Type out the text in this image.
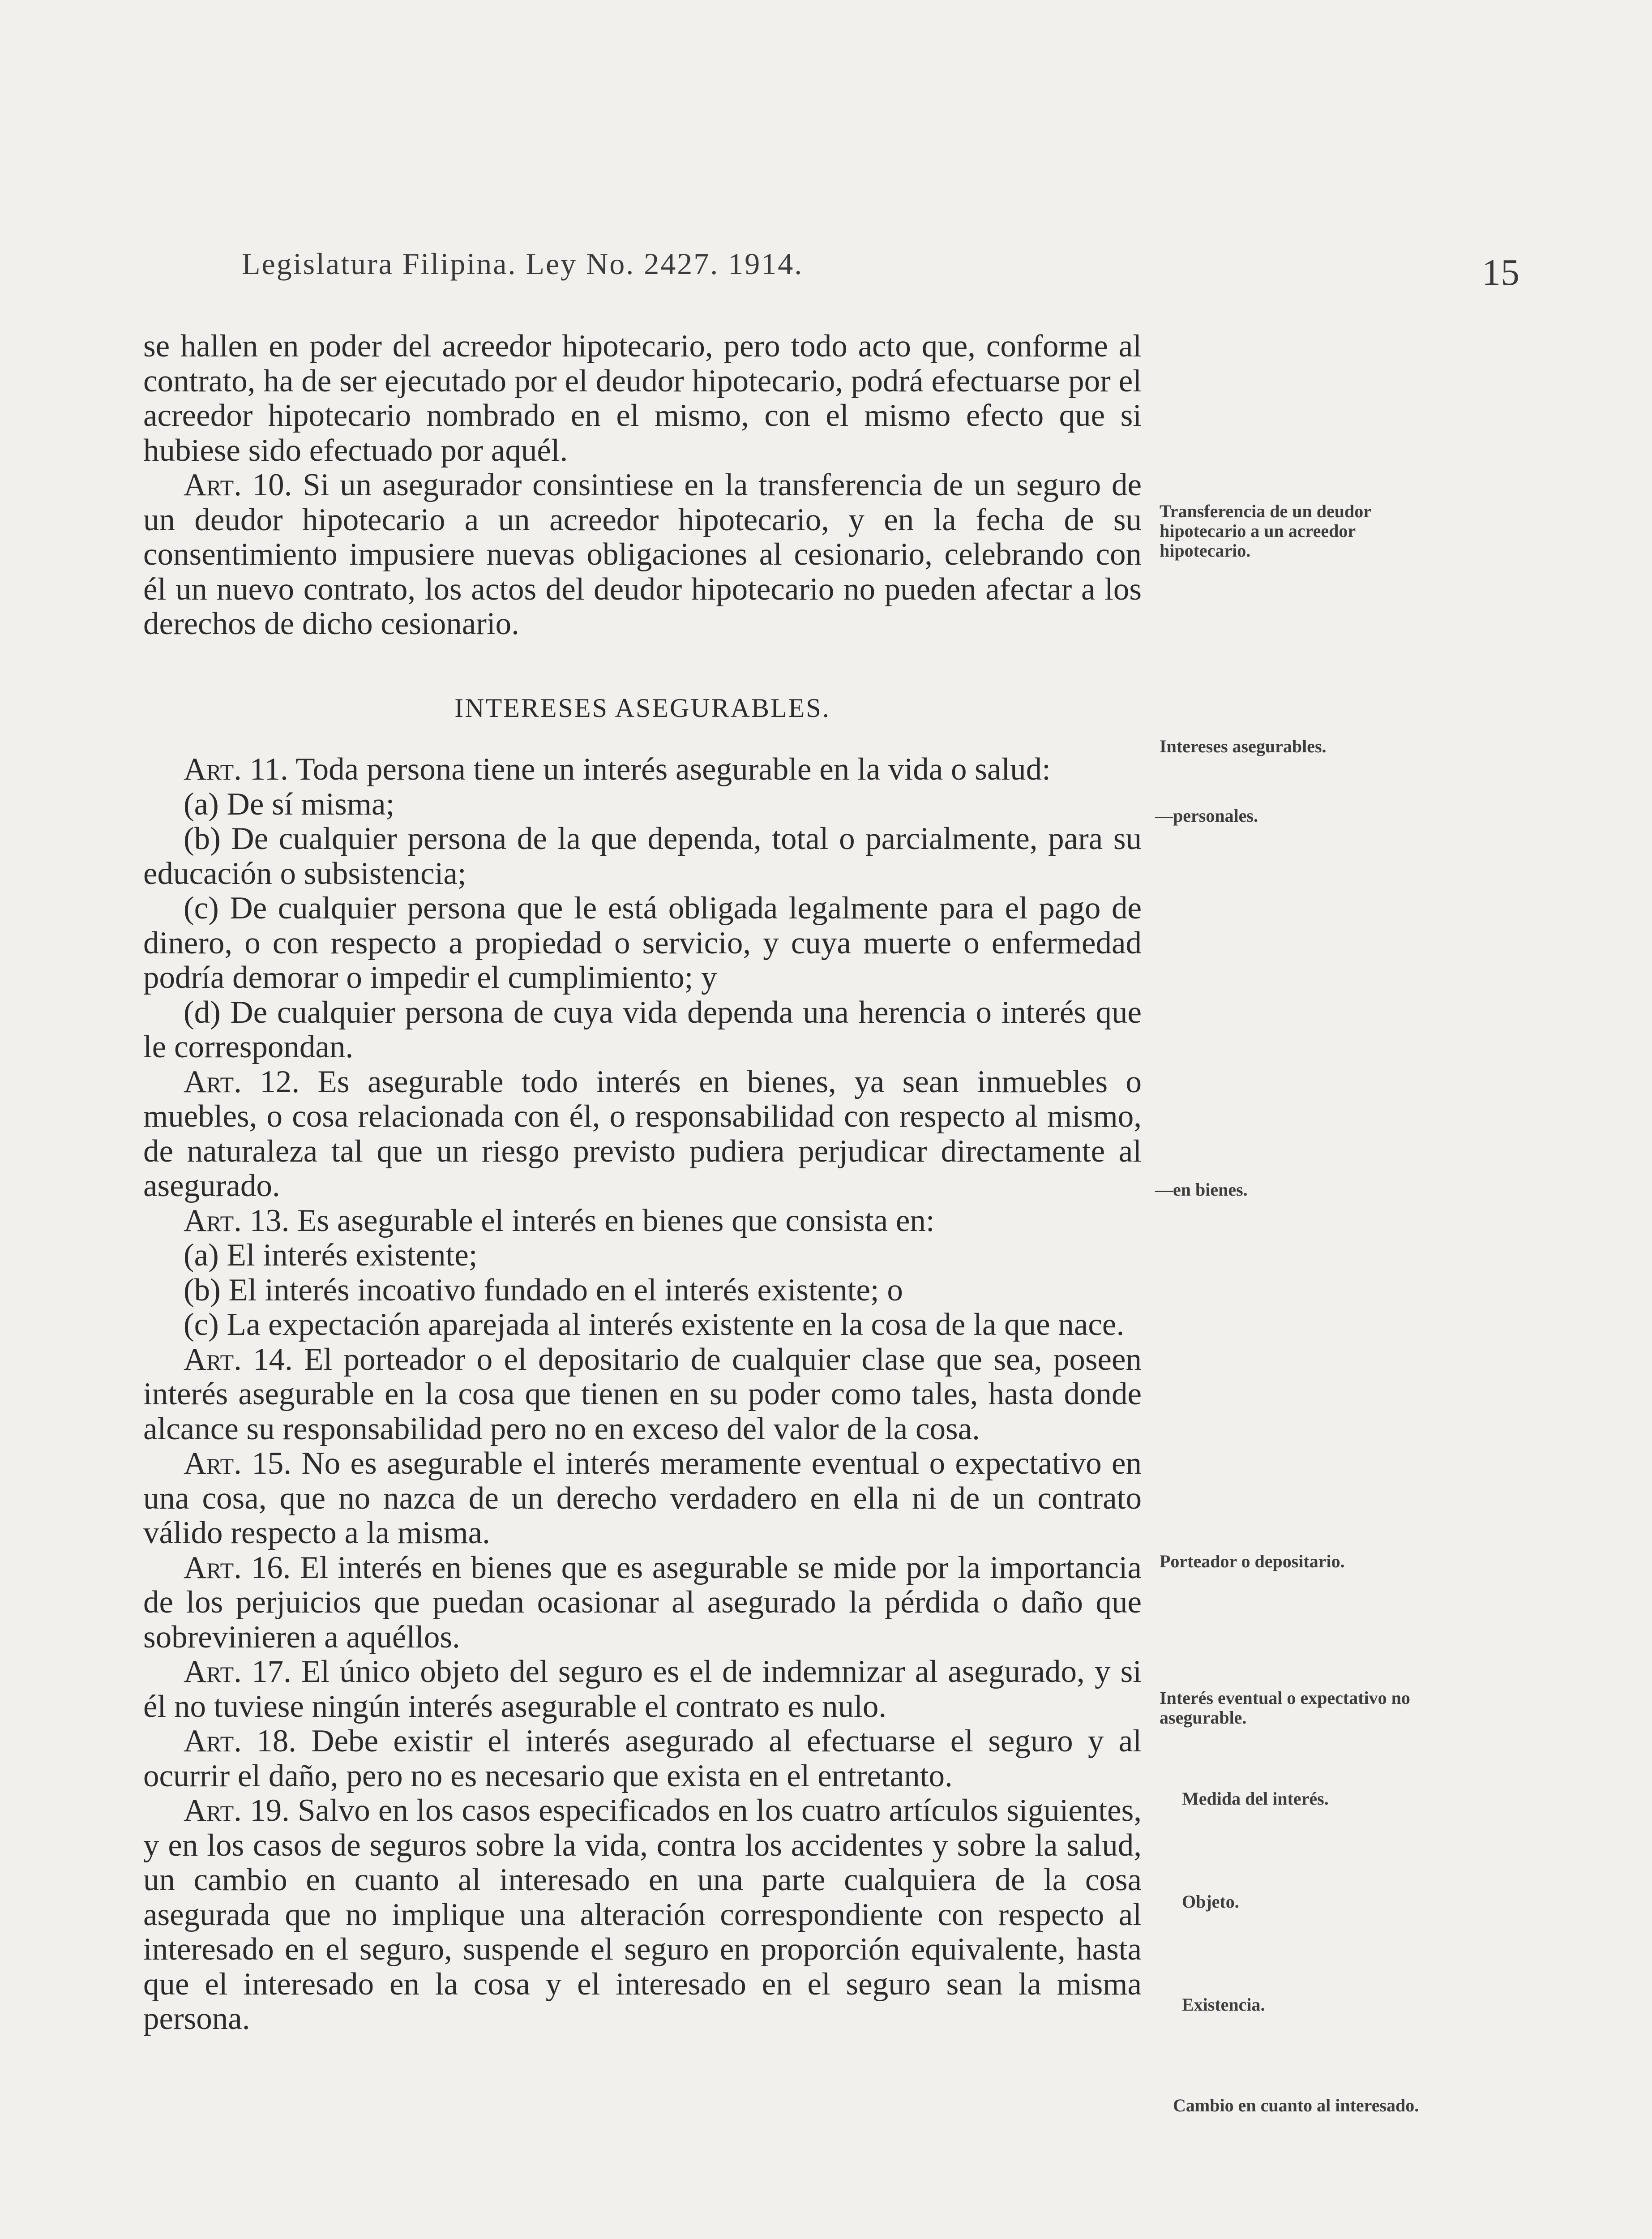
Legislatura Filipina. Ley No. 2427. 1914.	15

se hallen en poder del acreedor hipotecario, pero todo acto que, conforme al contrato, ha de ser ejecutado por el deudor hipotecario, podrá efectuarse por el acreedor hipotecario nombrado en el mismo, con el mismo efecto que si hubiese sido efectuado por aquél.

Art. 10. Si un asegurador consintiese en la transferencia de un seguro de un deudor hipotecario a un acreedor hipotecario, y en la fecha de su consentimiento impusiere nuevas obligaciones al cesionario, celebrando con él un nuevo contrato, los actos del deudor hipotecario no pueden afectar a los derechos de dicho cesionario.

INTERESES ASEGURABLES.

Art. 11. Toda persona tiene un interés asegurable en la vida o salud:

(a) De sí misma;

(b) De cualquier persona de la que dependa, total o parcialmente, para su educación o subsistencia;

(c) De cualquier persona que le está obligada legalmente para el pago de dinero, o con respecto a propiedad o servicio, y cuya muerte o enfermedad podría demorar o impedir el cumplimiento; y

(d) De cualquier persona de cuya vida dependa una herencia o interés que le correspondan.

Art. 12. Es asegurable todo interés en bienes, ya sean inmuebles o muebles, o cosa relacionada con él, o responsabilidad con respecto al mismo, de naturaleza tal que un riesgo previsto pudiera perjudicar directamente al asegurado.

Art. 13. Es asegurable el interés en bienes que consista en:

(a) El interés existente;

(b) El interés incoativo fundado en el interés existente; o

(c) La expectación aparejada al interés existente en la cosa de la que nace.

Art. 14. El porteador o el depositario de cualquier clase que sea, poseen interés asegurable en la cosa que tienen en su poder como tales, hasta donde alcance su responsabilidad pero no en exceso del valor de la cosa.

Art. 15. No es asegurable el interés meramente eventual o expectativo en una cosa, que no nazca de un derecho verdadero en ella ni de un contrato válido respecto a la misma.

Art. 16. El interés en bienes que es asegurable se mide por la importancia de los perjuicios que puedan ocasionar al asegurado la pérdida o daño que sobrevinieren a aquéllos.

Art. 17. El único objeto del seguro es el de indemnizar al asegurado, y si él no tuviese ningún interés asegurable el contrato es nulo.

Art. 18. Debe existir el interés asegurado al efectuarse el seguro y al ocurrir el daño, pero no es necesario que exista en el entretanto.

Art. 19. Salvo en los casos especificados en los cuatro artículos siguientes, y en los casos de seguros sobre la vida, contra los accidentes y sobre la salud, un cambio en cuanto al interesado en una parte cualquiera de la cosa asegurada que no implique una alteración correspondiente con respecto al interesado en el seguro, suspende el seguro en proporción equivalente, hasta que el interesado en la cosa y el interesado en el seguro sean la misma persona.

Transferencia de un deudor hipotecario a un acreedor hipotecario.
Intereses asegurables.
—personales.
—en bienes.
Porteador o depositario.
Interés eventual o expectativo no asegurable.
Medida del interés.
Objeto.
Existencia.
Cambio en cuanto al interesado.
